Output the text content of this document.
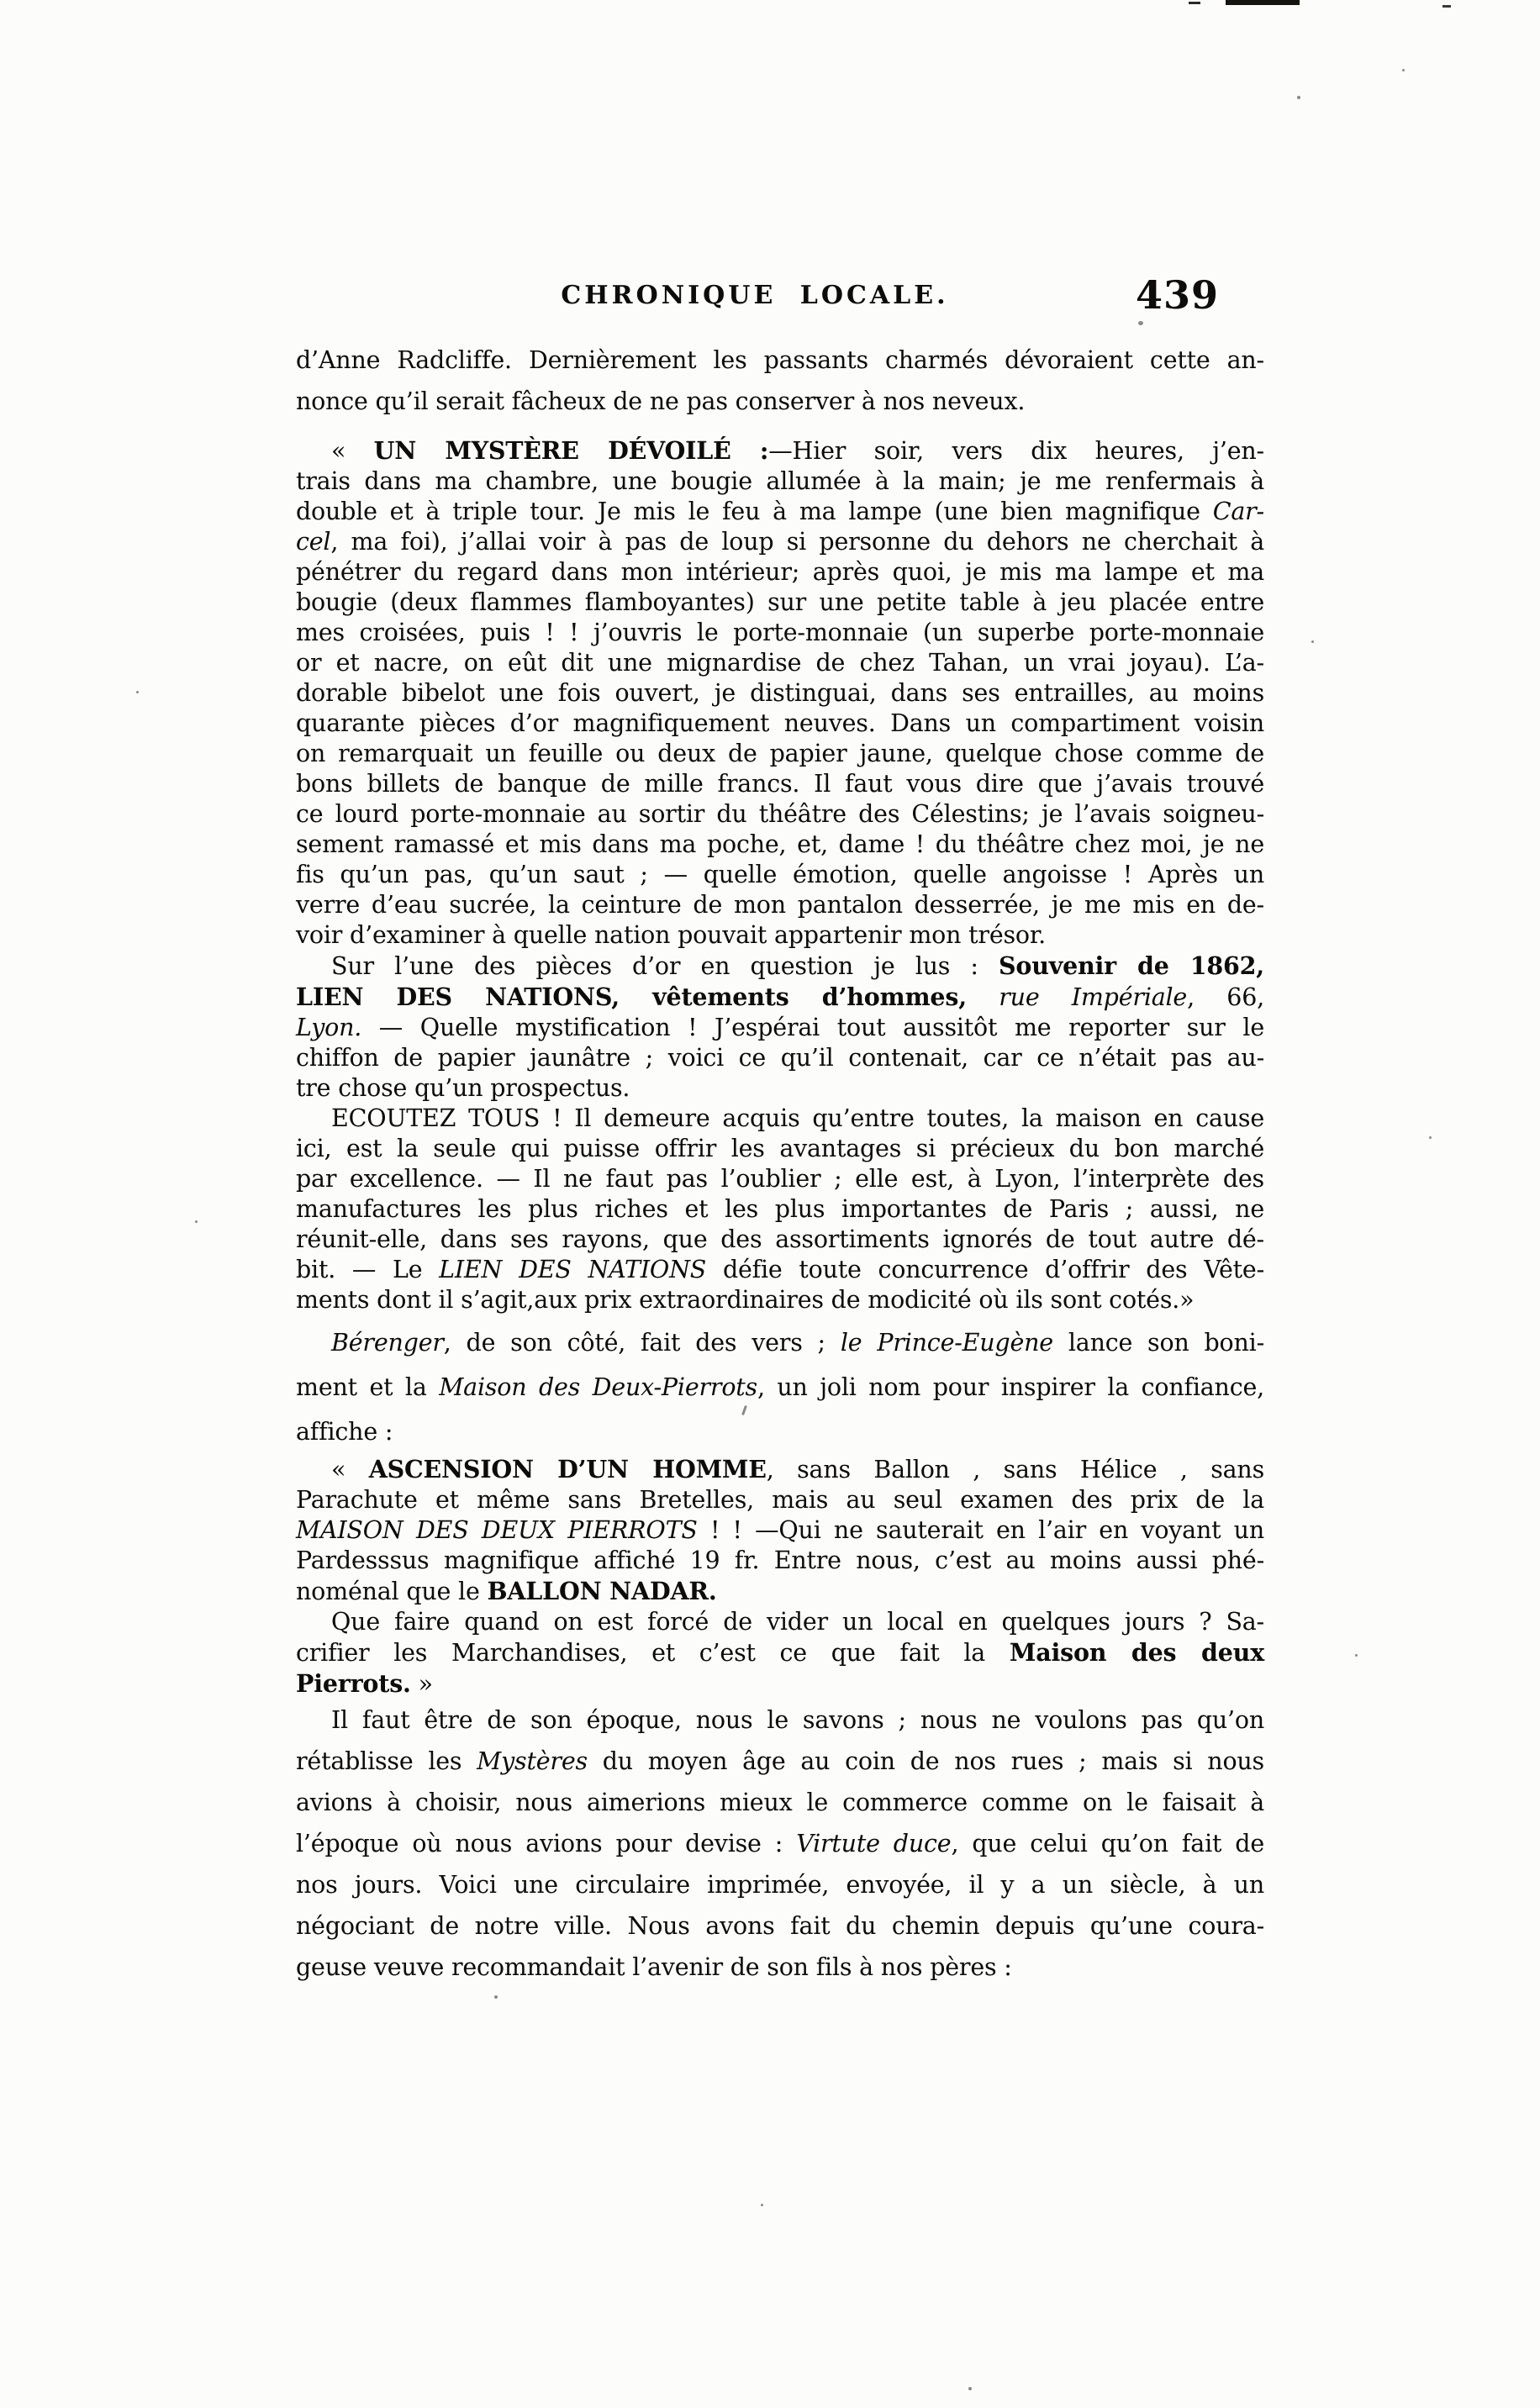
CHRONIQUE LOCALE.	439
d’Anne Radcliffe. Dernièrement les passants charmés dévoraient cette an-
nonce qu’il serait fâcheux de ne pas conserver à nos neveux.
« UN MYSTÈRE DÉVOILÉ :—Hier soir, vers dix heures, j’en-
trais dans ma chambre, une bougie allumée à la main; je me renfermais à
double et à triple tour. Je mis le feu à ma lampe (une bien magnifique Car-
cel, ma foi), j’allai voir à pas de loup si personne du dehors ne cherchait à
pénétrer du regard dans mon intérieur; après quoi, je mis ma lampe et ma
bougie (deux flammes flamboyantes) sur une petite table à jeu placée entre
mes croisées, puis ! ! j’ouvris le porte-monnaie (un superbe porte-monnaie
or et nacre, on eût dit une mignardise de chez Tahan, un vrai joyau). L’a-
dorable bibelot une fois ouvert, je distinguai, dans ses entrailles, au moins
quarante pièces d’or magnifiquement neuves. Dans un compartiment voisin
on remarquait un feuille ou deux de papier jaune, quelque chose comme de
bons billets de banque de mille francs. Il faut vous dire que j’avais trouvé
ce lourd porte-monnaie au sortir du théâtre des Célestins; je l’avais soigneu-
sement ramassé et mis dans ma poche, et, dame ! du théâtre chez moi, je ne
fis qu’un pas, qu’un saut ; — quelle émotion, quelle angoisse ! Après un
verre d’eau sucrée, la ceinture de mon pantalon desserrée, je me mis en de-
voir d’examiner à quelle nation pouvait appartenir mon trésor.
Sur l’une des pièces d’or en question je lus : Souvenir de 1862,
LIEN DES NATIONS, vêtements d’hommes, rue Impériale, 66,
Lyon. — Quelle mystification ! J’espérai tout aussitôt me reporter sur le
chiffon de papier jaunâtre ; voici ce qu’il contenait, car ce n’était pas au-
tre chose qu’un prospectus.
ECOUTEZ TOUS ! Il demeure acquis qu’entre toutes, la maison en cause
ici, est la seule qui puisse offrir les avantages si précieux du bon marché
par excellence. — Il ne faut pas l’oublier ; elle est, à Lyon, l’interprète des
manufactures les plus riches et les plus importantes de Paris ; aussi, ne
réunit-elle, dans ses rayons, que des assortiments ignorés de tout autre dé-
bit. — Le LIEN DES NATIONS défie toute concurrence d’offrir des Vête-
ments dont il s’agit,aux prix extraordinaires de modicité où ils sont cotés.»
Bérenger, de son côté, fait des vers ; le Prince-Eugène lance son boni-
ment et la Maison des Deux-Pierrots, un joli nom pour inspirer la confiance,
affiche :
« ASCENSION D’UN HOMME, sans Ballon , sans Hélice , sans
Parachute et même sans Bretelles, mais au seul examen des prix de la
MAISON DES DEUX PIERROTS ! ! —Qui ne sauterait en l’air en voyant un
Pardesssus magnifique affiché 19 fr. Entre nous, c’est au moins aussi phé-
noménal que le BALLON NADAR.
Que faire quand on est forcé de vider un local en quelques jours ? Sa-
crifier les Marchandises, et c’est ce que fait la Maison des deux
Pierrots. »
Il faut être de son époque, nous le savons ; nous ne voulons pas qu’on
rétablisse les Mystères du moyen âge au coin de nos rues ; mais si nous
avions à choisir, nous aimerions mieux le commerce comme on le faisait à
l’époque où nous avions pour devise : Virtute duce, que celui qu’on fait de
nos jours. Voici une circulaire imprimée, envoyée, il y a un siècle, à un
négociant de notre ville. Nous avons fait du chemin depuis qu’une coura-
geuse veuve recommandait l’avenir de son fils à nos pères :
